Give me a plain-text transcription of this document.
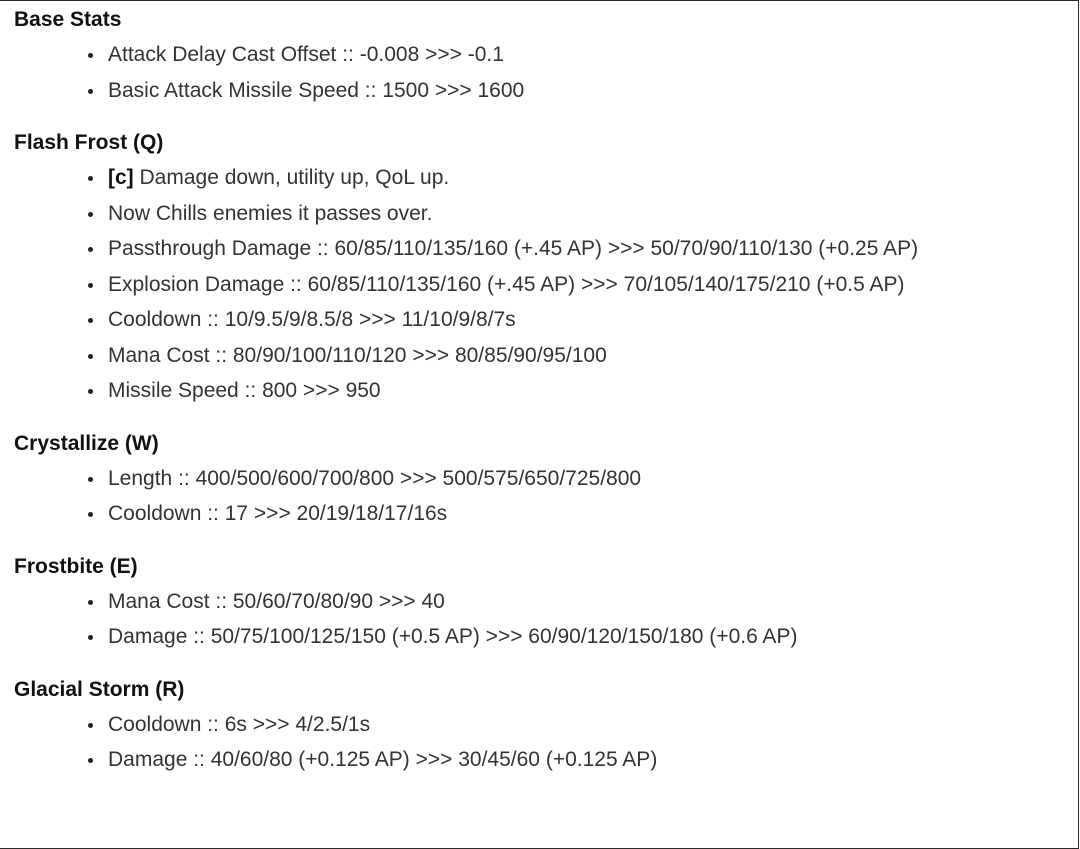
Base Stats
Attack Delay Cast Offset :: -0.008 >>> -0.1
Basic Attack Missile Speed :: 1500 >>> 1600
Flash Frost (Q)
[c] Damage down, utility up, QoL up.
Now Chills enemies it passes over.
Passthrough Damage :: 60/85/110/135/160 (+.45 AP) >>> 50/70/90/110/130 (+0.25 AP)
Explosion Damage :: 60/85/110/135/160 (+.45 AP) >>> 70/105/140/175/210 (+0.5 AP)
Cooldown :: 10/9.5/9/8.5/8 >>> 11/10/9/8/7s
Mana Cost :: 80/90/100/110/120 >>> 80/85/90/95/100
Missile Speed :: 800 >>> 950
Crystallize (W)
Length :: 400/500/600/700/800 >>> 500/575/650/725/800
Cooldown :: 17 >>> 20/19/18/17/16s
Frostbite (E)
Mana Cost :: 50/60/70/80/90 >>> 40
Damage :: 50/75/100/125/150 (+0.5 AP) >>> 60/90/120/150/180 (+0.6 AP)
Glacial Storm (R)
Cooldown :: 6s >>> 4/2.5/1s
Damage :: 40/60/80 (+0.125 AP) >>> 30/45/60 (+0.125 AP)
